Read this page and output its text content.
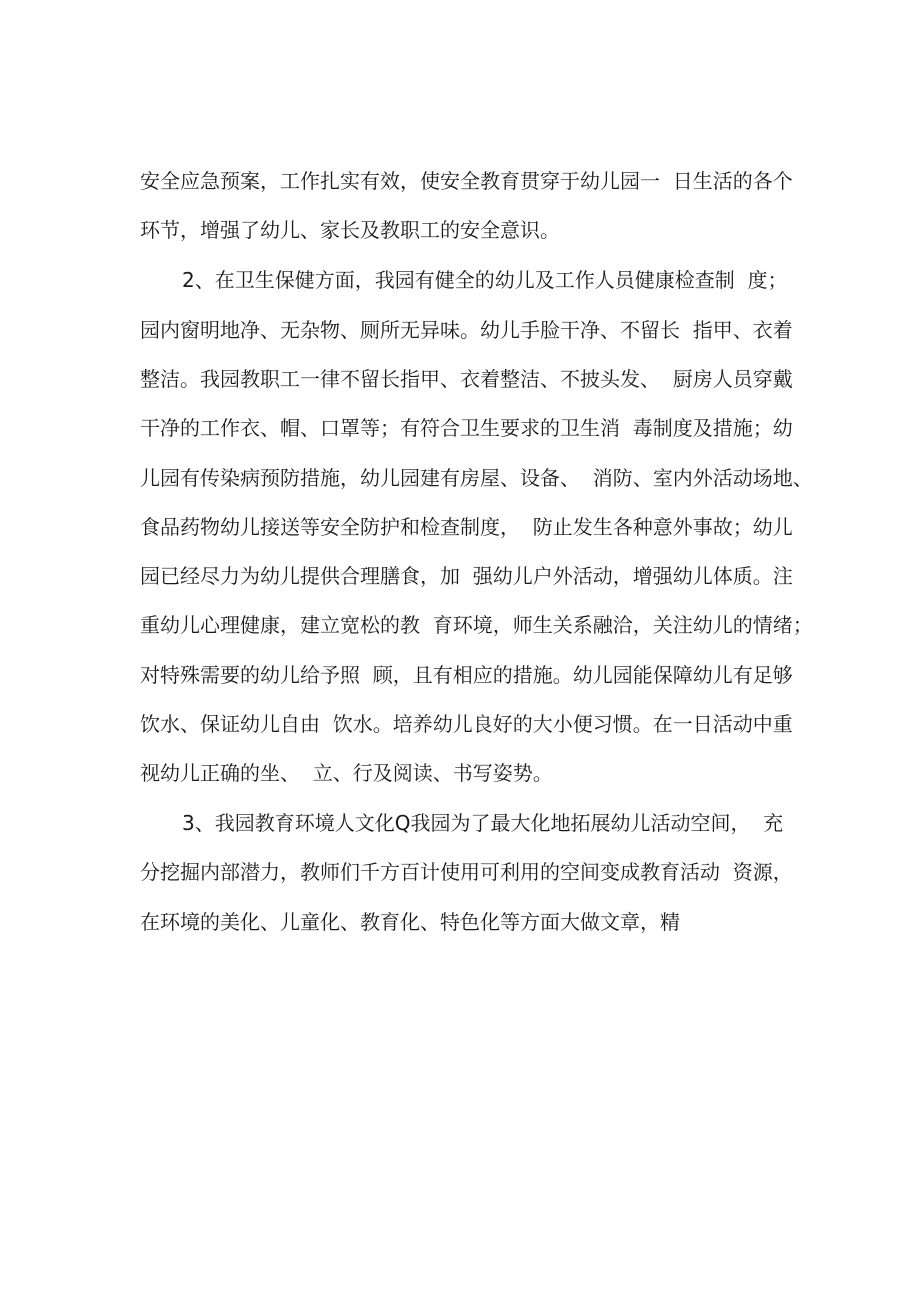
安全应急预案，工作扎实有效，使安全教育贯穿于幼儿园一  日生活的各个
环节，增强了幼儿、家长及教职工的安全意识。
2、在卫生保健方面，我园有健全的幼儿及工作人员健康检查制  度；
园内窗明地净、无杂物、厕所无异味。幼儿手脸干净、不留长  指甲、衣着
整洁。我园教职工一律不留长指甲、衣着整洁、不披头发、  厨房人员穿戴
干净的工作衣、帽、口罩等；有符合卫生要求的卫生消  毒制度及措施；幼
儿园有传染病预防措施，幼儿园建有房屋、设备、  消防、室内外活动场地、
食品药物幼儿接送等安全防护和检查制度，  防止发生各种意外事故；幼儿
园已经尽力为幼儿提供合理膳食，加  强幼儿户外活动，增强幼儿体质。注
重幼儿心理健康，建立宽松的教  育环境，师生关系融洽，关注幼儿的情绪；
对特殊需要的幼儿给予照  顾，且有相应的措施。幼儿园能保障幼儿有足够
饮水、保证幼儿自由  饮水。培养幼儿良好的大小便习惯。在一日活动中重
视幼儿正确的坐、  立、行及阅读、书写姿势。
3、我园教育环境人文化Q我园为了最大化地拓展幼儿活动空间，  充
分挖掘内部潜力，教师们千方百计使用可利用的空间变成教育活动  资源，
在环境的美化、儿童化、教育化、特色化等方面大做文章，精
